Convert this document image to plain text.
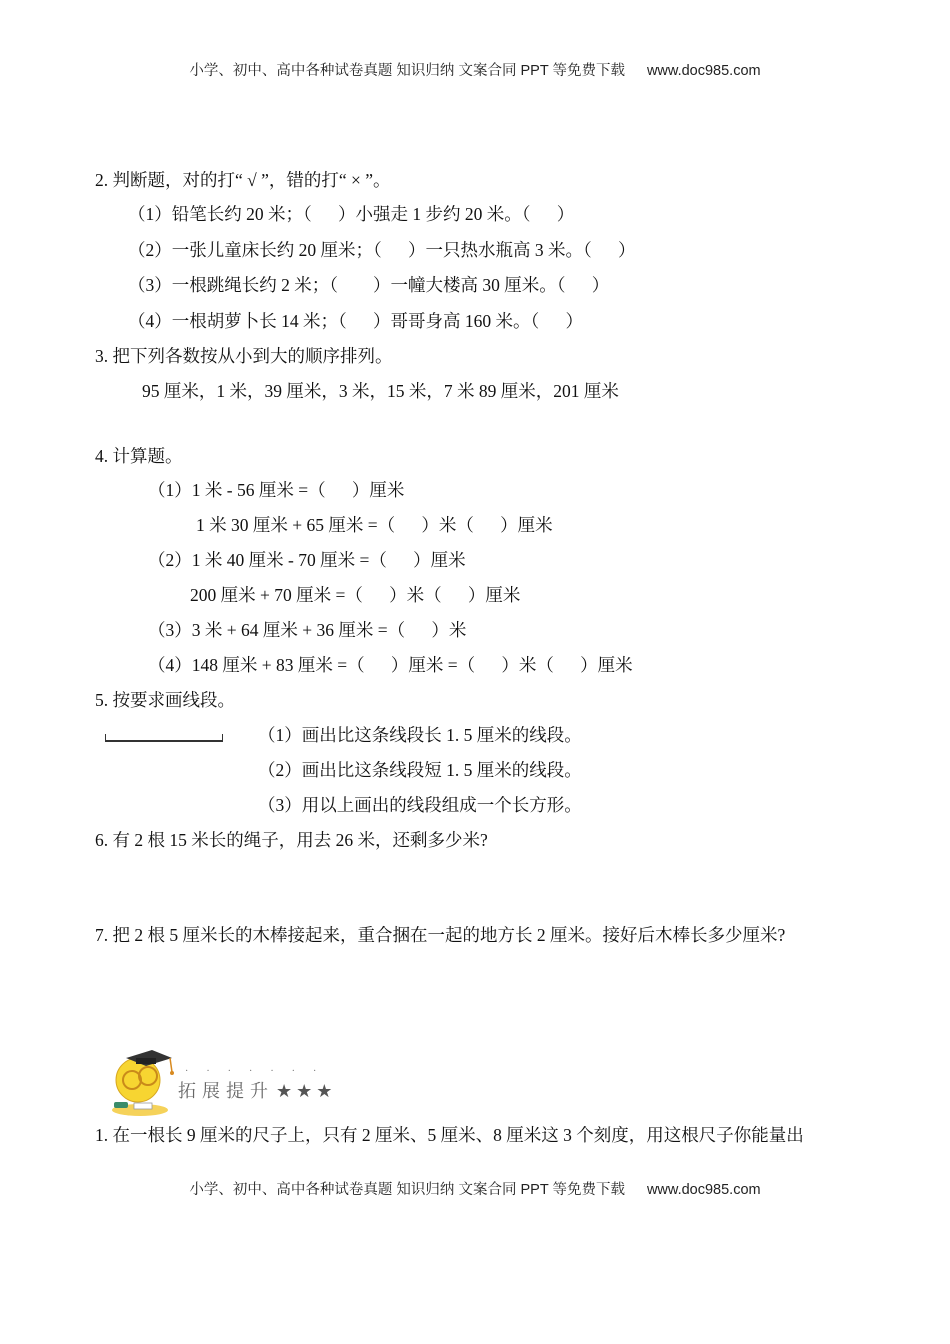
小学、初中、高中各种试卷真题 知识归纳 文案合同 PPT 等免费下载 www.doc985.com
2. 判断题，对的打“ √ ”，错的打“ × ”。
（1）铅笔长约 20 米；（      ）小强走 1 步约 20 米。（      ）
（2）一张儿童床长约 20 厘米；（      ）一只热水瓶高 3 米。（      ）
（3）一根跳绳长约 2 米；（        ）一幢大楼高 30 厘米。（      ）
（4）一根胡萝卜长 14 米；（      ）哥哥身高 160 米。（      ）
3. 把下列各数按从小到大的顺序排列。
95 厘米，1 米，39 厘米，3 米，15 米，7 米 89 厘米，201 厘米
4. 计算题。
（1）1 米 - 56 厘米 =（      ）厘米
1 米 30 厘米 + 65 厘米 =（      ）米（      ）厘米
（2）1 米 40 厘米 - 70 厘米 =（      ）厘米
200 厘米 + 70 厘米 =（      ）米（      ）厘米
（3）3 米 + 64 厘米 + 36 厘米 =（      ）米
（4）148 厘米 + 83 厘米 =（      ）厘米 =（      ）米（      ）厘米
5. 按要求画线段。
（1）画出比这条线段长 1. 5 厘米的线段。
（2）画出比这条线段短 1. 5 厘米的线段。
（3）用以上画出的线段组成一个长方形。
6. 有 2 根 15 米长的绳子，用去 26 米，还剩多少米?
7. 把 2 根 5 厘米长的木棒接起来，重合捆在一起的地方长 2 厘米。接好后木棒长多少厘米?
·······
拓展提升 ★★★
1. 在一根长 9 厘米的尺子上，只有 2 厘米、5 厘米、8 厘米这 3 个刻度，用这根尺子你能量出
小学、初中、高中各种试卷真题 知识归纳 文案合同 PPT 等免费下载 www.doc985.com
